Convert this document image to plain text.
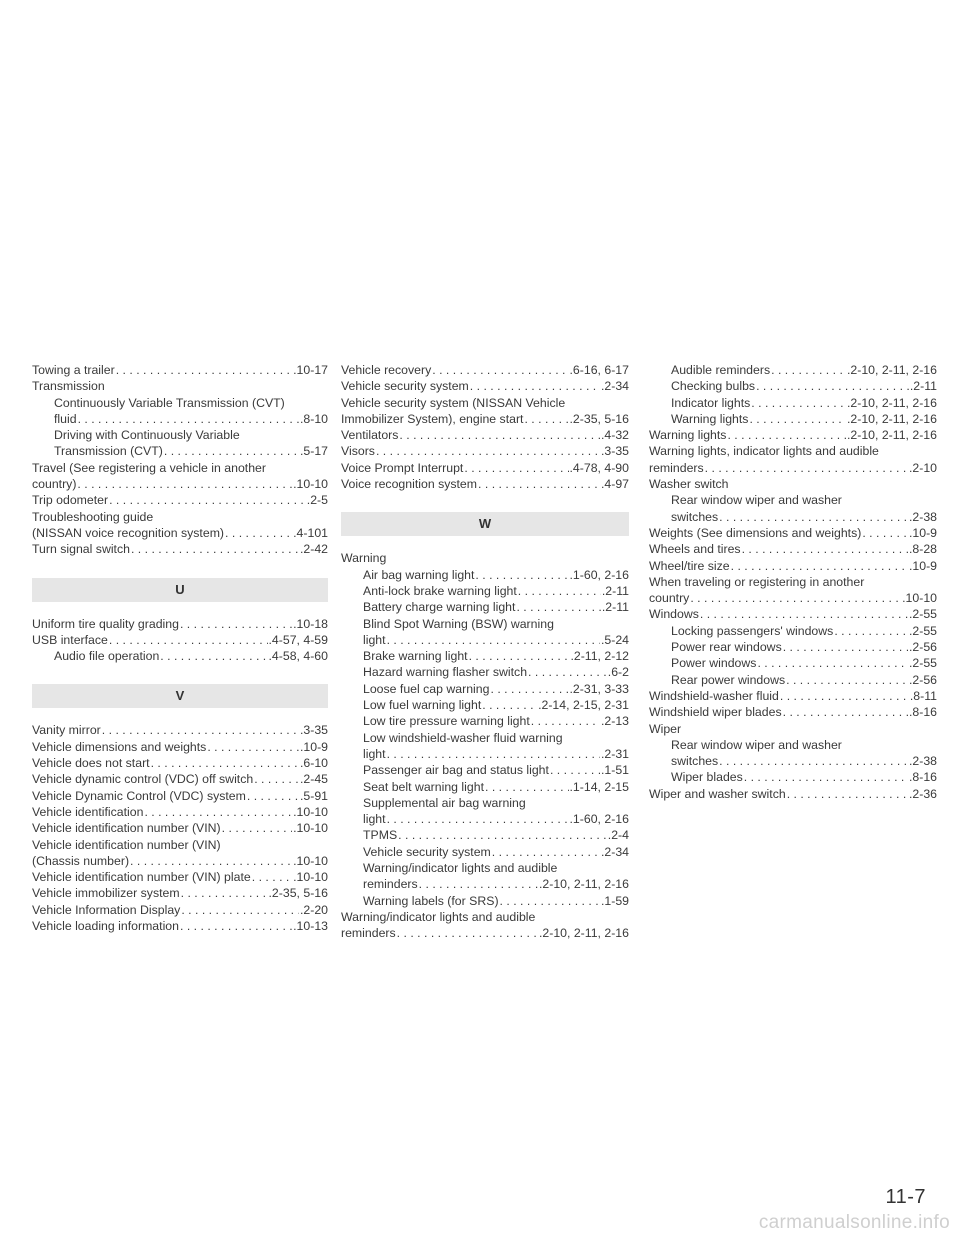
Towing a trailer . . .	.10-17
Transmission
Continuously Variable Transmission (CVT)
fluid . . .	.8-10
Driving with Continuously Variable
Transmission (CVT) . . .	.5-17
Travel (See registering a vehicle in another
country) . . .	.10-10
Trip odometer . . .	.2-5
Troubleshooting guide
(NISSAN voice recognition system) . . .	.4-101
Turn signal switch . . .	.2-42
U
Uniform tire quality grading . . .	.10-18
USB interface . . .	.4-57, 4-59
Audio file operation . . .	.4-58, 4-60
V
Vanity mirror . . .	.3-35
Vehicle dimensions and weights . . .	.10-9
Vehicle does not start . . .	.6-10
Vehicle dynamic control (VDC) off switch . . .	.2-45
Vehicle Dynamic Control (VDC) system . . .	.5-91
Vehicle identification . . .	.10-10
Vehicle identification number (VIN) . . .	.10-10
Vehicle identification number (VIN)
(Chassis number) . . .	.10-10
Vehicle identification number (VIN) plate . . .	.10-10
Vehicle immobilizer system . . .	.2-35, 5-16
Vehicle Information Display . . .	.2-20
Vehicle loading information . . .	.10-13
Vehicle recovery . . .	.6-16, 6-17
Vehicle security system . . .	.2-34
Vehicle security system (NISSAN Vehicle
Immobilizer System), engine start . . .	.2-35, 5-16
Ventilators . . .	.4-32
Visors . . .	.3-35
Voice Prompt Interrupt . . .	.4-78, 4-90
Voice recognition system . . .	.4-97
W
Warning
Air bag warning light . . .	.1-60, 2-16
Anti-lock brake warning light . . .	.2-11
Battery charge warning light . . .	.2-11
Blind Spot Warning (BSW) warning
light . . .	.5-24
Brake warning light . . .	.2-11, 2-12
Hazard warning flasher switch . . .	.6-2
Loose fuel cap warning . . .	.2-31, 3-33
Low fuel warning light . . .	.2-14, 2-15, 2-31
Low tire pressure warning light . . .	.2-13
Low windshield-washer fluid warning
light . . .	.2-31
Passenger air bag and status light . . .	.1-51
Seat belt warning light . . .	.1-14, 2-15
Supplemental air bag warning
light . . .	.1-60, 2-16
TPMS . . .	.2-4
Vehicle security system . . .	.2-34
Warning/indicator lights and audible
reminders . . .	.2-10, 2-11, 2-16
Warning labels (for SRS) . . .	.1-59
Warning/indicator lights and audible
reminders . . .	.2-10, 2-11, 2-16
Audible reminders . . .	.2-10, 2-11, 2-16
Checking bulbs . . .	.2-11
Indicator lights . . .	.2-10, 2-11, 2-16
Warning lights . . .	.2-10, 2-11, 2-16
Warning lights . . .	.2-10, 2-11, 2-16
Warning lights, indicator lights and audible
reminders . . .	.2-10
Washer switch
Rear window wiper and washer
switches . . .	.2-38
Weights (See dimensions and weights) . . .	.10-9
Wheels and tires . . .	.8-28
Wheel/tire size . . .	.10-9
When traveling or registering in another
country . . .	.10-10
Windows . . .	.2-55
Locking passengers' windows . . .	.2-55
Power rear windows . . .	.2-56
Power windows . . .	.2-55
Rear power windows . . .	.2-56
Windshield-washer fluid . . .	.8-11
Windshield wiper blades . . .	.8-16
Wiper
Rear window wiper and washer
switches . . .	.2-38
Wiper blades . . .	.8-16
Wiper and washer switch . . .	.2-36
11-7
carmanualsonline.info
